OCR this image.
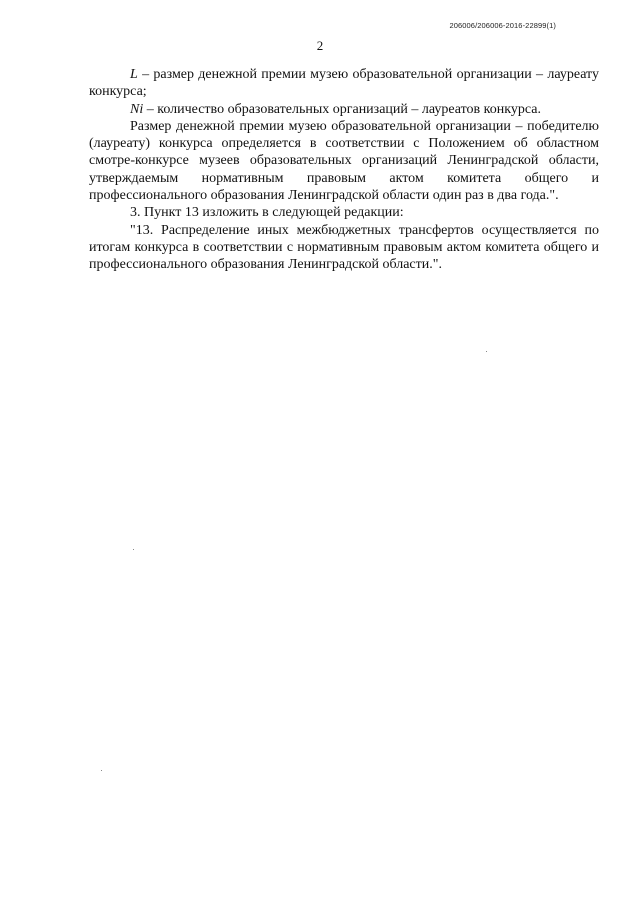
206006/206006-2016-22899(1)
2

L – размер денежной премии музею образовательной организации – лауреату конкурса;

Ni – количество образовательных организаций – лауреатов конкурса.

Размер денежной премии музею образовательной организации – победителю (лауреату) конкурса определяется в соответствии с Положением об областном смотре-конкурсе музеев образовательных организаций Ленинградской области, утверждаемым нормативным правовым актом комитета общего и профессионального образования Ленинградской области один раз в два года.".

3. Пункт 13 изложить в следующей редакции:

"13. Распределение иных межбюджетных трансфертов осуществляется по итогам конкурса в соответствии с нормативным правовым актом комитета общего и профессионального образования Ленинградской области.".
